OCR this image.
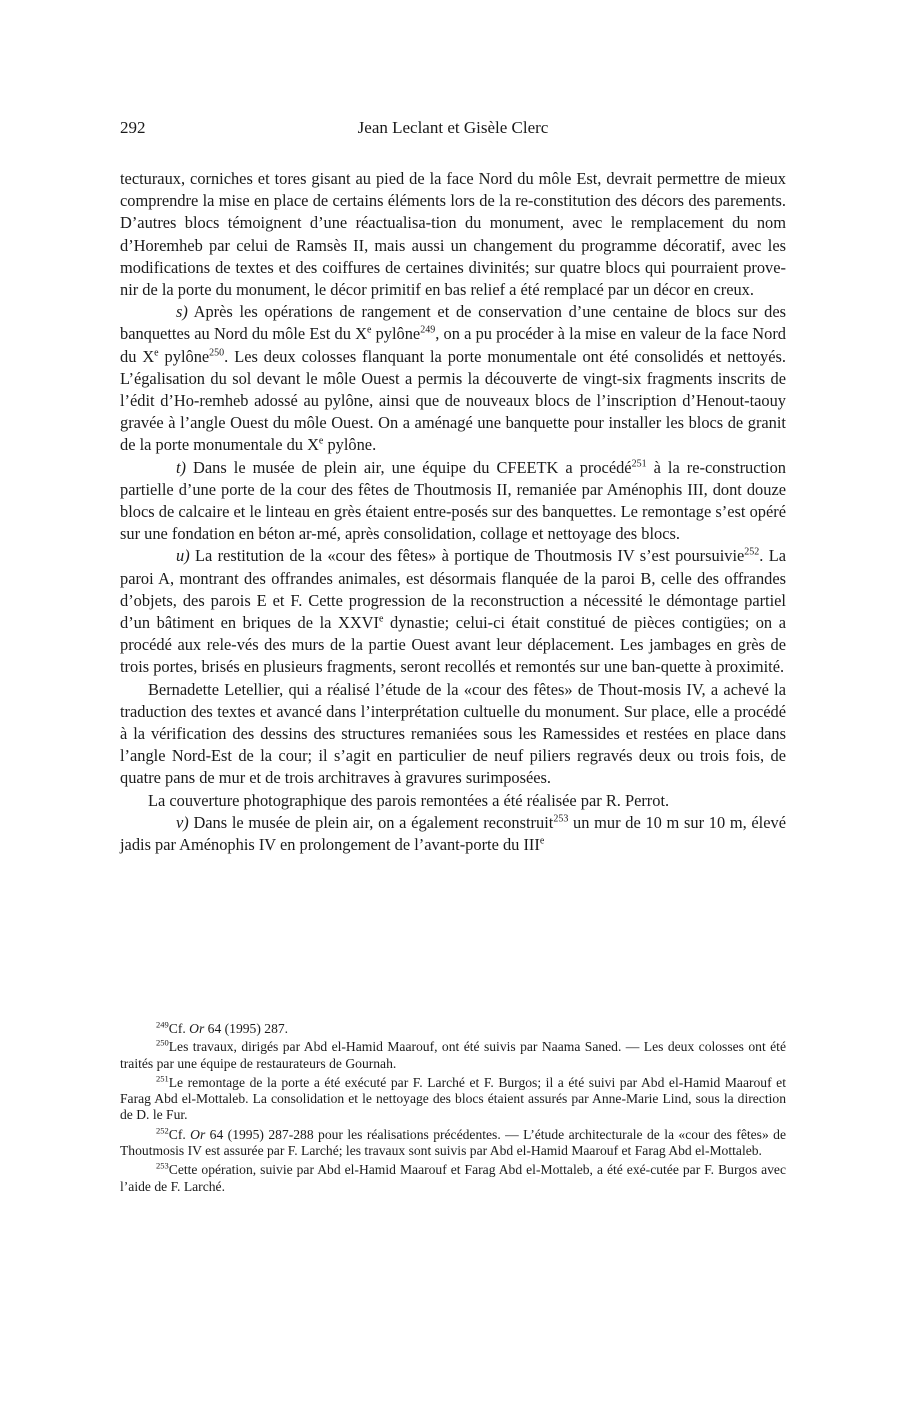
292	Jean Leclant et Gisèle Clerc

tecturaux, corniches et tores gisant au pied de la face Nord du môle Est, devrait permettre de mieux comprendre la mise en place de certains éléments lors de la re-constitution des décors des parements. D’autres blocs témoignent d’une réactualisa-tion du monument, avec le remplacement du nom d’Horemheb par celui de Ramsès II, mais aussi un changement du programme décoratif, avec les modifications de textes et des coiffures de certaines divinités; sur quatre blocs qui pourraient prove-nir de la porte du monument, le décor primitif en bas relief a été remplacé par un décor en creux.

s) Après les opérations de rangement et de conservation d’une centaine de blocs sur des banquettes au Nord du môle Est du Xe pylône$^{249}$, on a pu procéder à la mise en valeur de la face Nord du Xe pylône$^{250}$. Les deux colosses flanquant la porte monumentale ont été consolidés et nettoyés. L’égalisation du sol devant le môle Ouest a permis la découverte de vingt-six fragments inscrits de l’édit d’Ho-remheb adossé au pylône, ainsi que de nouveaux blocs de l’inscription d’Henout-taouy gravée à l’angle Ouest du môle Ouest. On a aménagé une banquette pour installer les blocs de granit de la porte monumentale du Xe pylône.

t) Dans le musée de plein air, une équipe du CFEETK a procédé$^{251}$ à la re-construction partielle d’une porte de la cour des fêtes de Thoutmosis II, remaniée par Aménophis III, dont douze blocs de calcaire et le linteau en grès étaient entre-posés sur des banquettes. Le remontage s’est opéré sur une fondation en béton ar-mé, après consolidation, collage et nettoyage des blocs.

u) La restitution de la «cour des fêtes» à portique de Thoutmosis IV s’est poursuivie$^{252}$. La paroi A, montrant des offrandes animales, est désormais flanquée de la paroi B, celle des offrandes d’objets, des parois E et F. Cette progression de la reconstruction a nécessité le démontage partiel d’un bâtiment en briques de la XXVIe dynastie; celui-ci était constitué de pièces contigües; on a procédé aux rele-vés des murs de la partie Ouest avant leur déplacement. Les jambages en grès de trois portes, brisés en plusieurs fragments, seront recollés et remontés sur une ban-quette à proximité.

Bernadette Letellier, qui a réalisé l’étude de la «cour des fêtes» de Thout-mosis IV, a achevé la traduction des textes et avancé dans l’interprétation cultuelle du monument. Sur place, elle a procédé à la vérification des dessins des structures remaniées sous les Ramessides et restées en place dans l’angle Nord-Est de la cour; il s’agit en particulier de neuf piliers regravés deux ou trois fois, de quatre pans de mur et de trois architraves à gravures surimposées.

La couverture photographique des parois remontées a été réalisée par R. Perrot.

v) Dans le musée de plein air, on a également reconstruit$^{253}$ un mur de 10 m sur 10 m, élevé jadis par Aménophis IV en prolongement de l’avant-porte du IIIe

$^{249}$Cf. Or 64 (1995) 287.

$^{250}$Les travaux, dirigés par Abd el-Hamid Maarouf, ont été suivis par Naama Saned. — Les deux colosses ont été traités par une équipe de restaurateurs de Gournah.

$^{251}$Le remontage de la porte a été exécuté par F. Larché et F. Burgos; il a été suivi par Abd el-Hamid Maarouf et Farag Abd el-Mottaleb. La consolidation et le nettoyage des blocs étaient assurés par Anne-Marie Lind, sous la direction de D. le Fur.

$^{252}$Cf. Or 64 (1995) 287-288 pour les réalisations précédentes. — L’étude architecturale de la «cour des fêtes» de Thoutmosis IV est assurée par F. Larché; les travaux sont suivis par Abd el-Hamid Maarouf et Farag Abd el-Mottaleb.

$^{253}$Cette opération, suivie par Abd el-Hamid Maarouf et Farag Abd el-Mottaleb, a été exé-cutée par F. Burgos avec l’aide de F. Larché.
